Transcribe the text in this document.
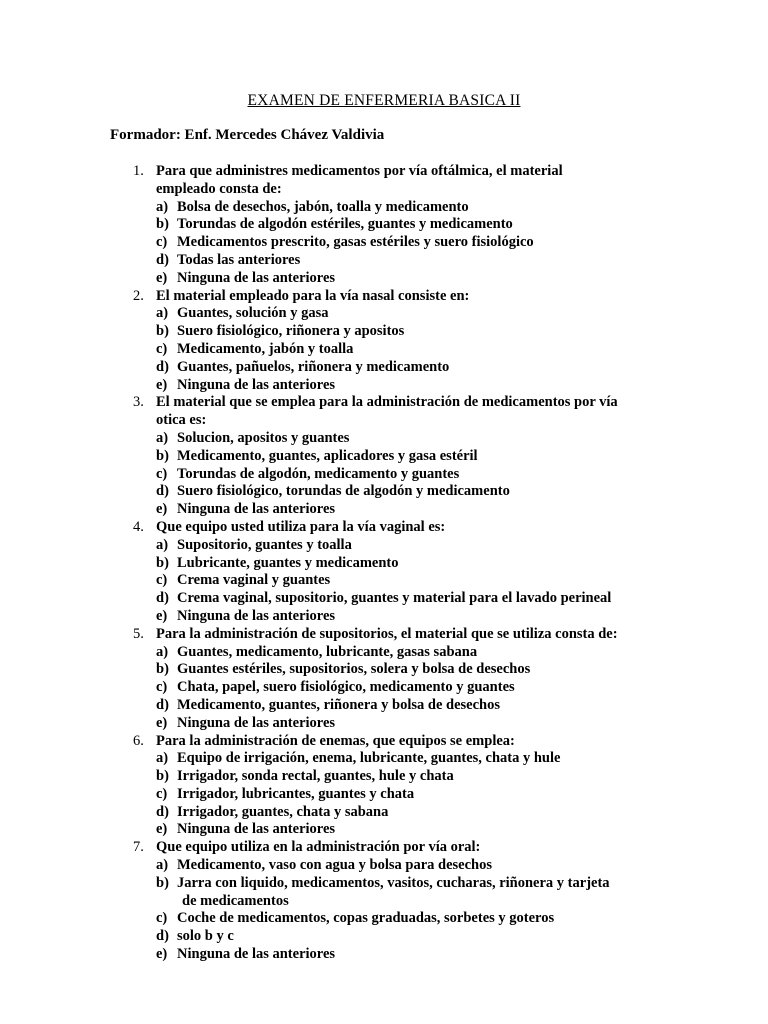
EXAMEN DE ENFERMERIA BASICA II
Formador: Enf. Mercedes Chávez Valdivia
1. Para que administres medicamentos por vía oftálmica, el material
empleado consta de:
a) Bolsa de desechos, jabón, toalla y medicamento
b) Torundas de algodón estériles, guantes y medicamento
c) Medicamentos prescrito, gasas estériles y suero fisiológico
d) Todas las anteriores
e) Ninguna de las anteriores
2. El material empleado para la vía nasal consiste en:
a) Guantes, solución y gasa
b) Suero fisiológico, riñonera y apositos
c) Medicamento, jabón y toalla
d) Guantes, pañuelos, riñonera y medicamento
e) Ninguna de las anteriores
3. El material que se emplea para la administración de medicamentos por vía
otica es:
a) Solucion, apositos y guantes
b) Medicamento, guantes, aplicadores y gasa estéril
c) Torundas de algodón, medicamento y guantes
d) Suero fisiológico, torundas de algodón y medicamento
e) Ninguna de las anteriores
4. Que equipo usted utiliza para la vía vaginal es:
a) Supositorio, guantes y toalla
b) Lubricante, guantes y medicamento
c) Crema vaginal y guantes
d) Crema vaginal, supositorio, guantes y material para el lavado perineal
e) Ninguna de las anteriores
5. Para la administración de supositorios, el material que se utiliza consta de:
a) Guantes, medicamento, lubricante, gasas sabana
b) Guantes estériles, supositorios, solera y bolsa de desechos
c) Chata, papel, suero fisiológico, medicamento y guantes
d) Medicamento, guantes, riñonera y bolsa de desechos
e) Ninguna de las anteriores
6. Para la administración de enemas, que equipos se emplea:
a) Equipo de irrigación, enema, lubricante, guantes, chata y hule
b) Irrigador, sonda rectal, guantes, hule y chata
c) Irrigador, lubricantes, guantes y chata
d) Irrigador, guantes, chata y sabana
e) Ninguna de las anteriores
7. Que equipo utiliza en la administración por vía oral:
a) Medicamento, vaso con agua y bolsa para desechos
b) Jarra con liquido, medicamentos, vasitos, cucharas, riñonera y tarjeta
de medicamentos
c) Coche de medicamentos, copas graduadas, sorbetes y goteros
d) solo b y c
e) Ninguna de las anteriores
